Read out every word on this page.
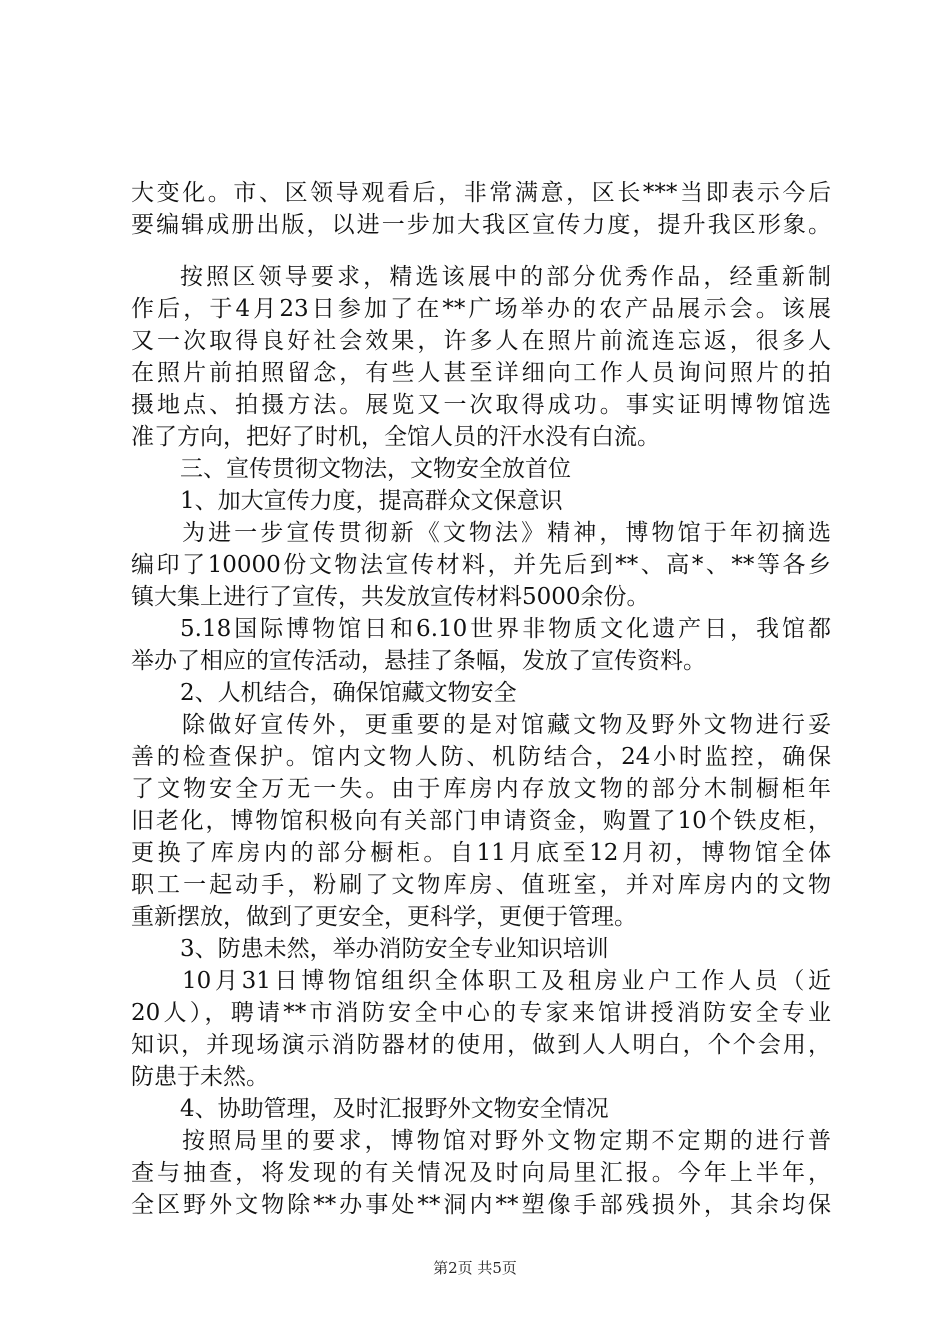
大变化。市、区领导观看后，非常满意，区长***当即表示今后
要编辑成册出版，以进一步加大我区宣传力度，提升我区形象。
按照区领导要求，精选该展中的部分优秀作品，经重新制
作后，于4月23日参加了在**广场举办的农产品展示会。该展
又一次取得良好社会效果，许多人在照片前流连忘返，很多人
在照片前拍照留念，有些人甚至详细向工作人员询问照片的拍
摄地点、拍摄方法。展览又一次取得成功。事实证明博物馆选
准了方向，把好了时机，全馆人员的汗水没有白流。
三、宣传贯彻文物法，文物安全放首位
1、加大宣传力度，提高群众文保意识
为进一步宣传贯彻新《文物法》精神，博物馆于年初摘选
编印了10000份文物法宣传材料，并先后到**、高*、**等各乡
镇大集上进行了宣传，共发放宣传材料5000余份。
5.18国际博物馆日和6.10世界非物质文化遗产日，我馆都
举办了相应的宣传活动，悬挂了条幅，发放了宣传资料。
2、人机结合，确保馆藏文物安全
除做好宣传外，更重要的是对馆藏文物及野外文物进行妥
善的检查保护。馆内文物人防、机防结合，24小时监控，确保
了文物安全万无一失。由于库房内存放文物的部分木制橱柜年
旧老化，博物馆积极向有关部门申请资金，购置了10个铁皮柜，
更换了库房内的部分橱柜。自11月底至12月初，博物馆全体
职工一起动手，粉刷了文物库房、值班室，并对库房内的文物
重新摆放，做到了更安全，更科学，更便于管理。
3、防患未然，举办消防安全专业知识培训
10月31日博物馆组织全体职工及租房业户工作人员（近
20人），聘请**市消防安全中心的专家来馆讲授消防安全专业
知识，并现场演示消防器材的使用，做到人人明白，个个会用，
防患于未然。
4、协助管理，及时汇报野外文物安全情况
按照局里的要求，博物馆对野外文物定期不定期的进行普
查与抽查，将发现的有关情况及时向局里汇报。今年上半年，
全区野外文物除**办事处**洞内**塑像手部残损外，其余均保
第2页 共5页
